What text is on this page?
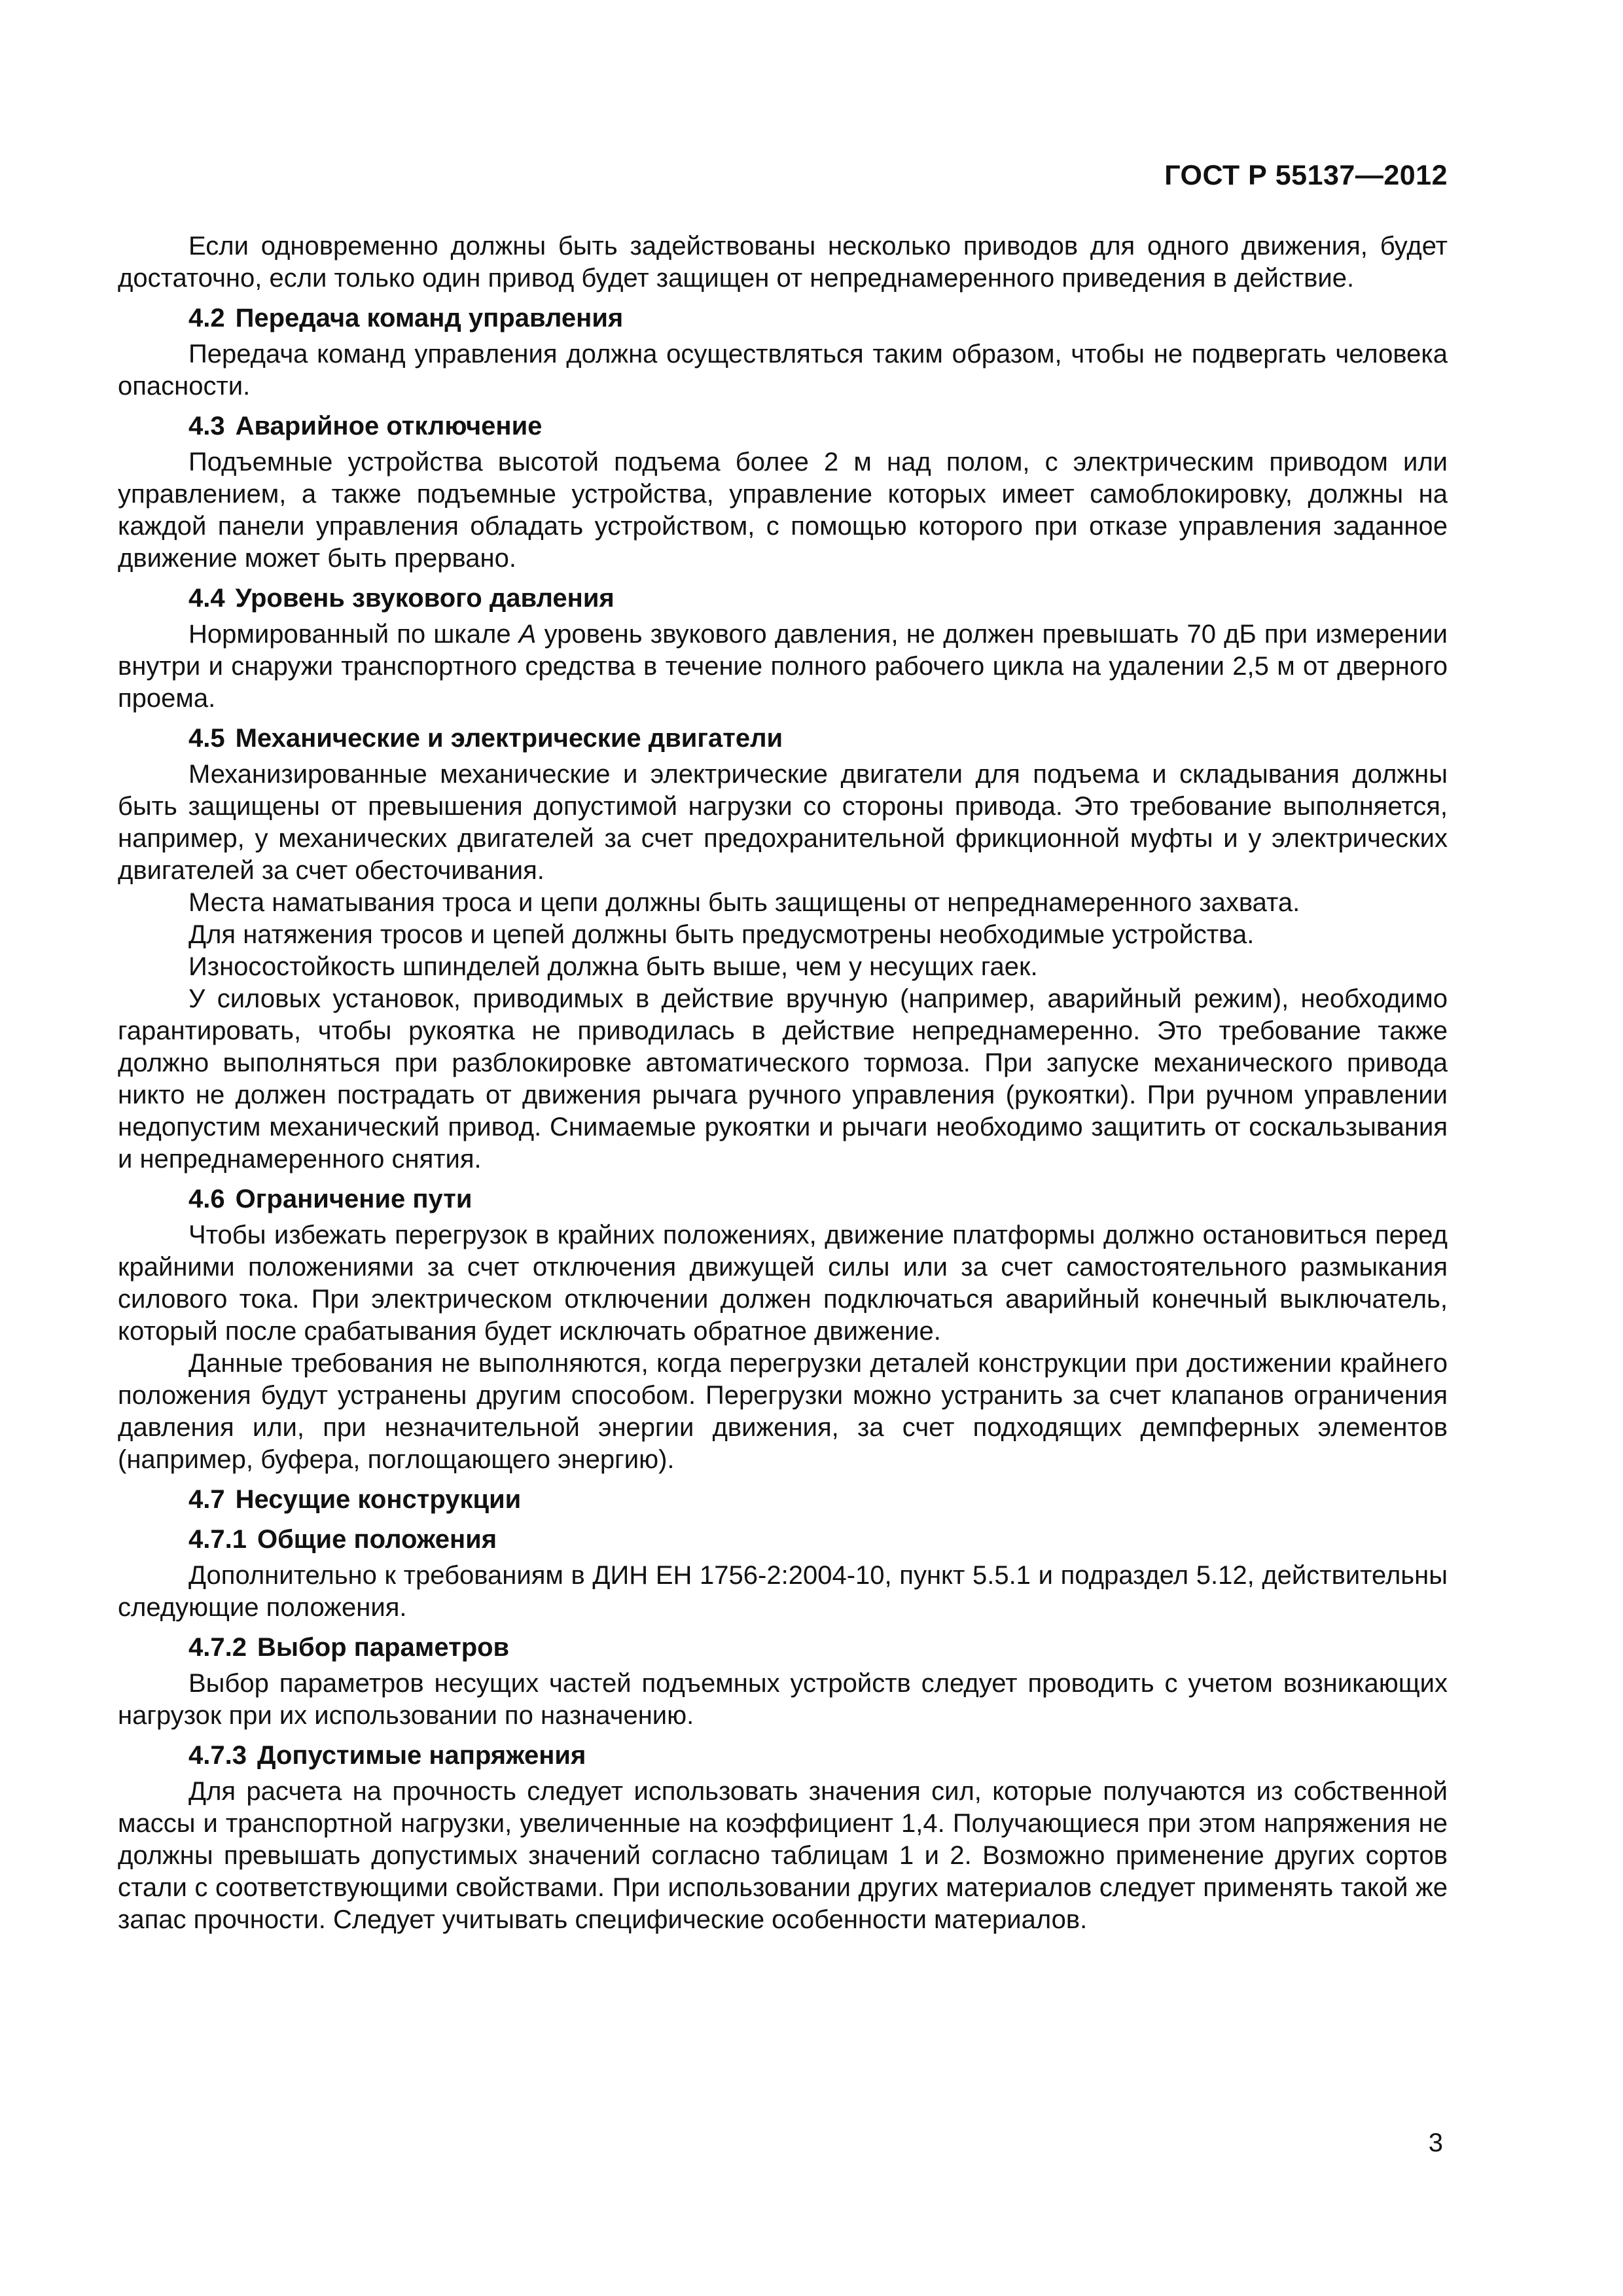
ГОСТ Р 55137—2012

Если одновременно должны быть задействованы несколько приводов для одного движения, будет достаточно, если только один привод будет защищен от непреднамеренного приведения в действие.

4.2 Передача команд управления

Передача команд управления должна осуществляться таким образом, чтобы не подвергать человека опасности.

4.3 Аварийное отключение

Подъемные устройства высотой подъема более 2 м над полом, с электрическим приводом или управлением, а также подъемные устройства, управление которых имеет самоблокировку, должны на каждой панели управления обладать устройством, с помощью которого при отказе управления заданное движение может быть прервано.

4.4 Уровень звукового давления

Нормированный по шкале A уровень звукового давления, не должен превышать 70 дБ при измерении внутри и снаружи транспортного средства в течение полного рабочего цикла на удалении 2,5 м от дверного проема.

4.5 Механические и электрические двигатели

Механизированные механические и электрические двигатели для подъема и складывания должны быть защищены от превышения допустимой нагрузки со стороны привода. Это требование выполняется, например, у механических двигателей за счет предохранительной фрикционной муфты и у электрических двигателей за счет обесточивания.

Места наматывания троса и цепи должны быть защищены от непреднамеренного захвата.

Для натяжения тросов и цепей должны быть предусмотрены необходимые устройства.

Износостойкость шпинделей должна быть выше, чем у несущих гаек.

У силовых установок, приводимых в действие вручную (например, аварийный режим), необходимо гарантировать, чтобы рукоятка не приводилась в действие непреднамеренно. Это требование также должно выполняться при разблокировке автоматического тормоза. При запуске механического привода никто не должен пострадать от движения рычага ручного управления (рукоятки). При ручном управлении недопустим механический привод. Снимаемые рукоятки и рычаги необходимо защитить от соскальзывания и непреднамеренного снятия.

4.6 Ограничение пути

Чтобы избежать перегрузок в крайних положениях, движение платформы должно остановиться перед крайними положениями за счет отключения движущей силы или за счет самостоятельного размыкания силового тока. При электрическом отключении должен подключаться аварийный конечный выключатель, который после срабатывания будет исключать обратное движение.

Данные требования не выполняются, когда перегрузки деталей конструкции при достижении крайнего положения будут устранены другим способом. Перегрузки можно устранить за счет клапанов ограничения давления или, при незначительной энергии движения, за счет подходящих демпферных элементов (например, буфера, поглощающего энергию).

4.7 Несущие конструкции
4.7.1 Общие положения

Дополнительно к требованиям в ДИН ЕН 1756-2:2004-10, пункт 5.5.1 и подраздел 5.12, действительны следующие положения.

4.7.2 Выбор параметров

Выбор параметров несущих частей подъемных устройств следует проводить с учетом возникающих нагрузок при их использовании по назначению.

4.7.3 Допустимые напряжения

Для расчета на прочность следует использовать значения сил, которые получаются из собственной массы и транспортной нагрузки, увеличенные на коэффициент 1,4. Получающиеся при этом напряжения не должны превышать допустимых значений согласно таблицам 1 и 2. Возможно применение других сортов стали с соответствующими свойствами. При использовании других материалов следует применять такой же запас прочности. Следует учитывать специфические особенности материалов.

3
